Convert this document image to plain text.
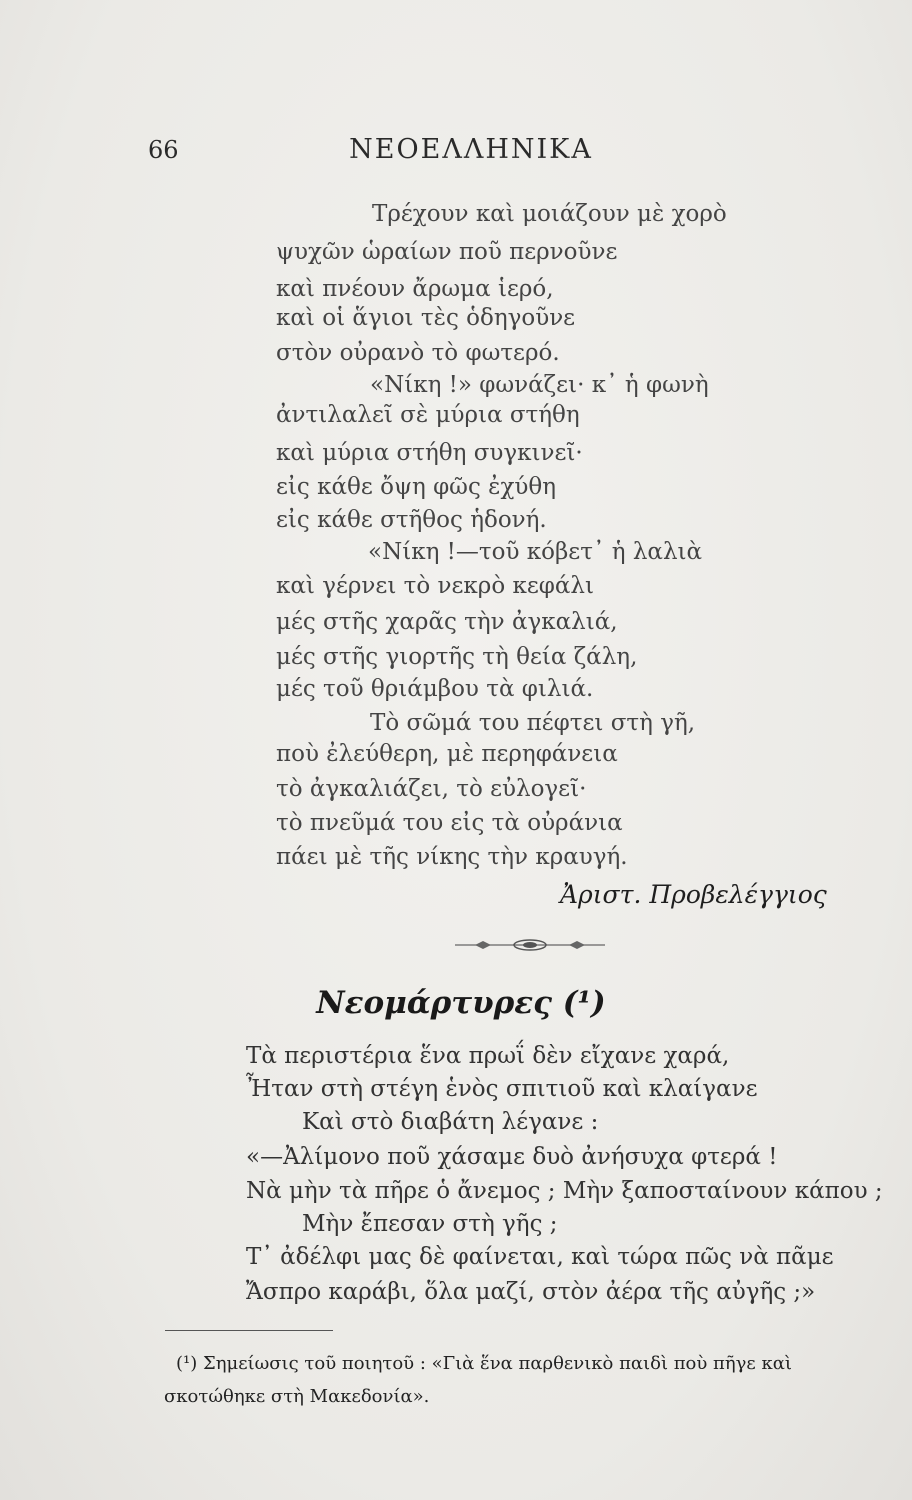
66	ΝΕΟΕΛΛΗΝΙΚΑ
Τρέχουν καὶ μοιάζουν μὲ χορὸ
ψυχῶν ὡραίων ποῦ περνοῦνε
καὶ πνέουν ἄρωμα ἱερό,
καὶ οἱ ἅγιοι τὲς ὁδηγοῦνε
στὸν οὐρανὸ τὸ φωτερό.
«Νίκη !» φωνάζει· κ᾿ ἡ φωνὴ
ἀντιλαλεῖ σὲ μύρια στήθη
καὶ μύρια στήθη συγκινεῖ·
εἰς κάθε ὄψη φῶς ἐχύθη
εἰς κάθε στῆθος ἡδονή.
«Νίκη !—τοῦ κόβετ᾿ ἡ λαλιὰ
καὶ γέρνει τὸ νεκρὸ κεφάλι
μές στῆς χαρᾶς τὴν ἀγκαλιά,
μές στῆς γιορτῆς τὴ θεία ζάλη,
μές τοῦ θριάμβου τὰ φιλιά.
Τὸ σῶμά του πέφτει στὴ γῆ,
ποὺ ἐλεύθερη, μὲ περηφάνεια
τὸ ἀγκαλιάζει, τὸ εὐλογεῖ·
τὸ πνεῦμά του εἰς τὰ οὐράνια
πάει μὲ τῆς νίκης τὴν κραυγή.
Ἀριστ. Προβελέγγιος
Νεομάρτυρες (¹)
Τὰ περιστέρια ἕνα πρωΐ δὲν εἴχανε χαρά,
Ἦταν στὴ στέγη ἑνὸς σπιτιοῦ καὶ κλαίγανε
Καὶ στὸ διαβάτη λέγανε :
«—Ἀλίμονο ποῦ χάσαμε δυὸ ἀνήσυχα φτερά !
Νὰ μὴν τὰ πῆρε ὁ ἄνεμος ; Μὴν ξαποσταίνουν κάπου ;
Μὴν ἔπεσαν στὴ γῆς ;
Τ᾿ ἀδέλφι μας δὲ φαίνεται, καὶ τώρα πῶς νὰ πᾶμε
Ἄσπρο καράβι, ὅλα μαζί, στὸν ἀέρα τῆς αὐγῆς ;»
(¹) Σημείωσις τοῦ ποιητοῦ : «Γιὰ ἕνα παρθενικὸ παιδὶ ποὺ πῆγε καὶ
σκοτώθηκε στὴ Μακεδονία».
